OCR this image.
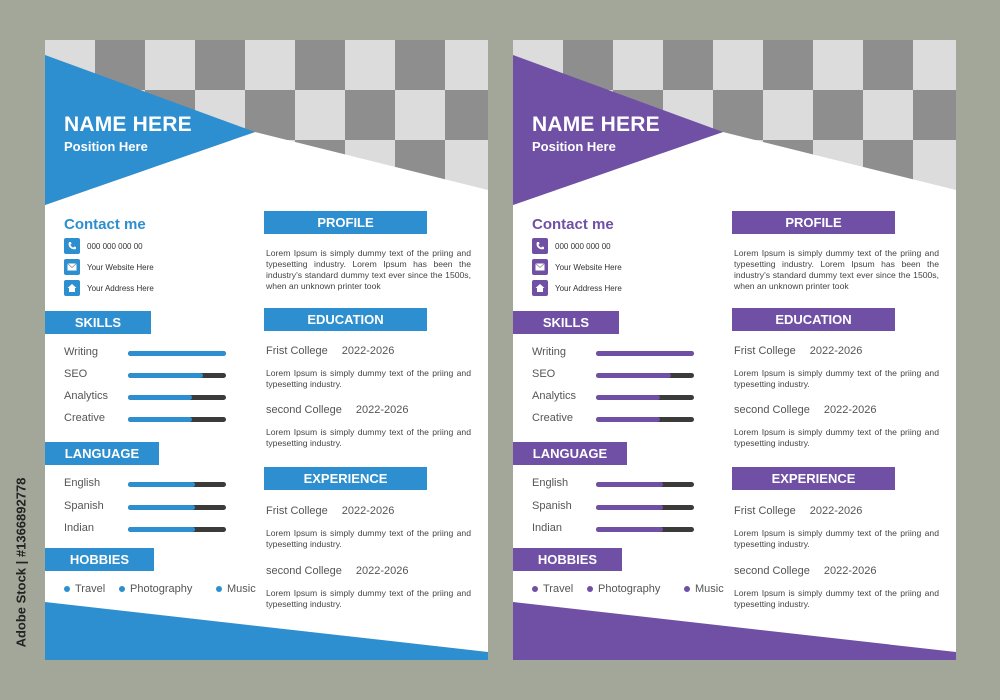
NAME HERE
Position Here
Contact me
000 000 000 00
Your Website Here
Your Address Here
SKILLS
Writing
SEO
Analytics
Creative
LANGUAGE
English
Spanish
Indian
HOBBIES
Travel Photography	Music
PROFILE

Lorem Ipsum is simply dummy text of the priing and typesetting industry. Lorem Ipsum has been the industry's standard dummy text ever since the 1500s, when an unknown printer took

EDUCATION
Frist College 2022-2026

Lorem Ipsum is simply dummy text of the priing and typesetting industry.

second College 2022-2026

Lorem Ipsum is simply dummy text of the priing and typesetting industry.

EXPERIENCE
Frist College 2022-2026

Lorem Ipsum is simply dummy text of the priing and typesetting industry.

second College 2022-2026

Lorem Ipsum is simply dummy text of the priing and typesetting industry.

NAME HERE
Position Here
Contact me
000 000 000 00
Your Website Here
Your Address Here
SKILLS
Writing
SEO
Analytics
Creative
LANGUAGE
English
Spanish
Indian
HOBBIES
Travel Photography	Music
PROFILE

Lorem Ipsum is simply dummy text of the priing and typesetting industry. Lorem Ipsum has been the industry's standard dummy text ever since the 1500s, when an unknown printer took

EDUCATION
Frist College 2022-2026

Lorem Ipsum is simply dummy text of the priing and typesetting industry.

second College 2022-2026

Lorem Ipsum is simply dummy text of the priing and typesetting industry.

EXPERIENCE
Frist College 2022-2026

Lorem Ipsum is simply dummy text of the priing and typesetting industry.

second College 2022-2026

Lorem Ipsum is simply dummy text of the priing and typesetting industry.

Adobe Stock | #1366892778
